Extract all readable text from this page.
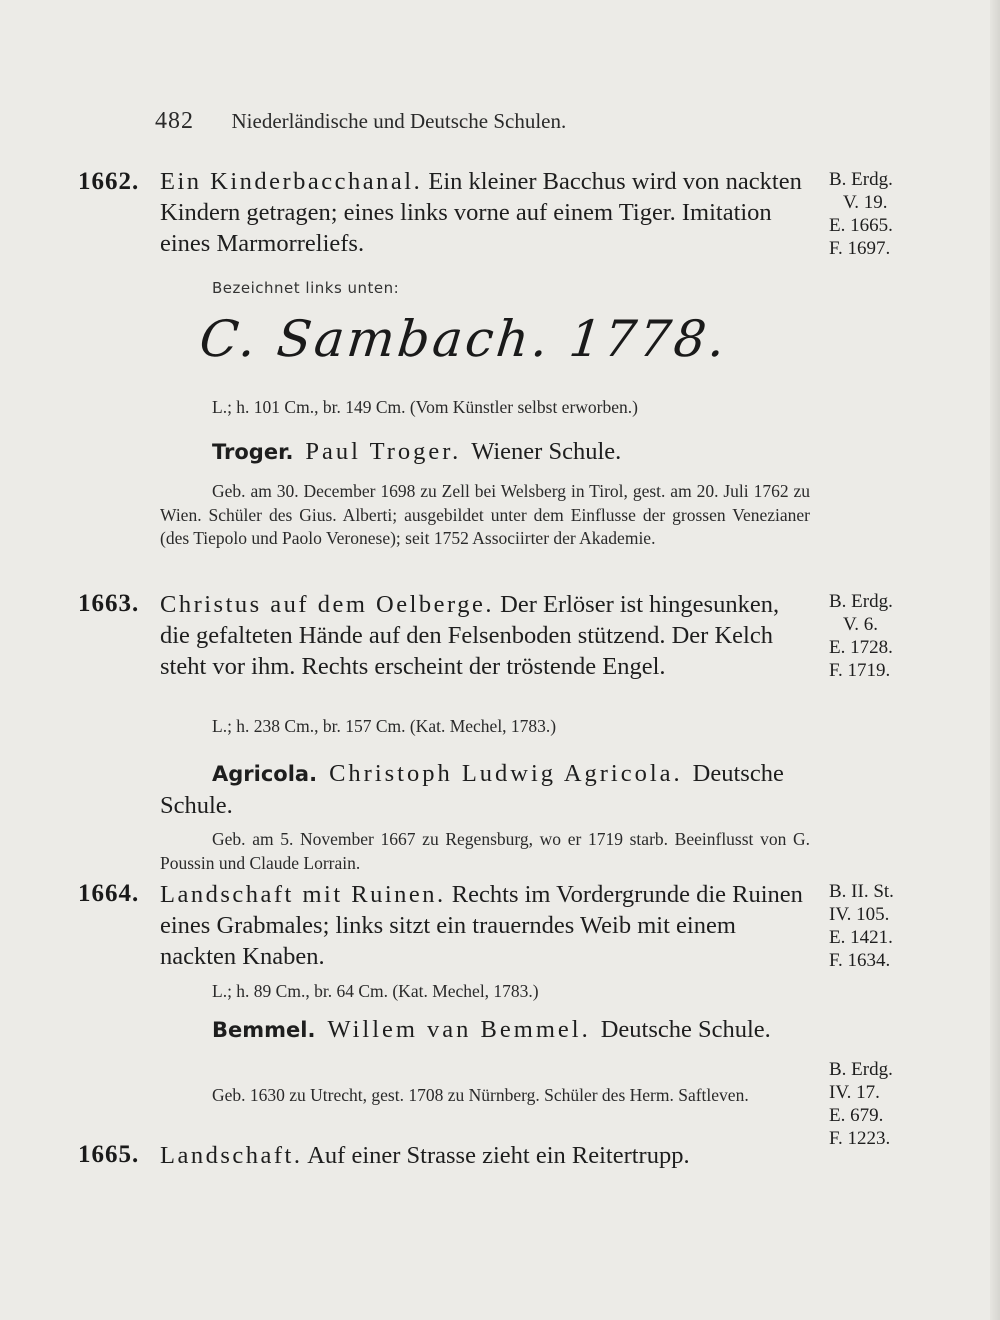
482 Niederländische und Deutsche Schulen.
1662. Ein Kinderbacchanal. Ein kleiner Bacchus wird von nackten Kindern getragen; eines links vorne auf einem Tiger. Imitation eines Marmorreliefs.
B. Erdg.
V. 19.
E. 1665.
F. 1697.
Bezeichnet links unten:
C. Sambach. 1778.
L.; h. 101 Cm., br. 149 Cm. (Vom Künstler selbst erworben.)
Troger. Paul Troger. Wiener Schule.
Geb. am 30. December 1698 zu Zell bei Welsberg in Tirol, gest. am 20. Juli 1762 zu Wien. Schüler des Gius. Alberti; ausgebildet unter dem Einflusse der grossen Venezianer (des Tiepolo und Paolo Veronese); seit 1752 Associirter der Akademie.
1663. Christus auf dem Oelberge. Der Erlöser ist hingesunken, die gefalteten Hände auf den Felsenboden stützend. Der Kelch steht vor ihm. Rechts erscheint der tröstende Engel.
B. Erdg.
V. 6.
E. 1728.
F. 1719.
L.; h. 238 Cm., br. 157 Cm. (Kat. Mechel, 1783.)
Agricola. Christoph Ludwig Agricola. Deutsche Schule.
Geb. am 5. November 1667 zu Regensburg, wo er 1719 starb. Beeinflusst von G. Poussin und Claude Lorrain.
1664. Landschaft mit Ruinen. Rechts im Vordergrunde die Ruinen eines Grabmales; links sitzt ein trauerndes Weib mit einem nackten Knaben.
B. II. St.
IV. 105.
E. 1421.
F. 1634.
L.; h. 89 Cm., br. 64 Cm. (Kat. Mechel, 1783.)
Bemmel. Willem van Bemmel. Deutsche Schule.
Geb. 1630 zu Utrecht, gest. 1708 zu Nürnberg. Schüler des Herm. Saftleven.
1665. Landschaft. Auf einer Strasse zieht ein Reitertrupp.
B. Erdg.
IV. 17.
E. 679.
F. 1223.
